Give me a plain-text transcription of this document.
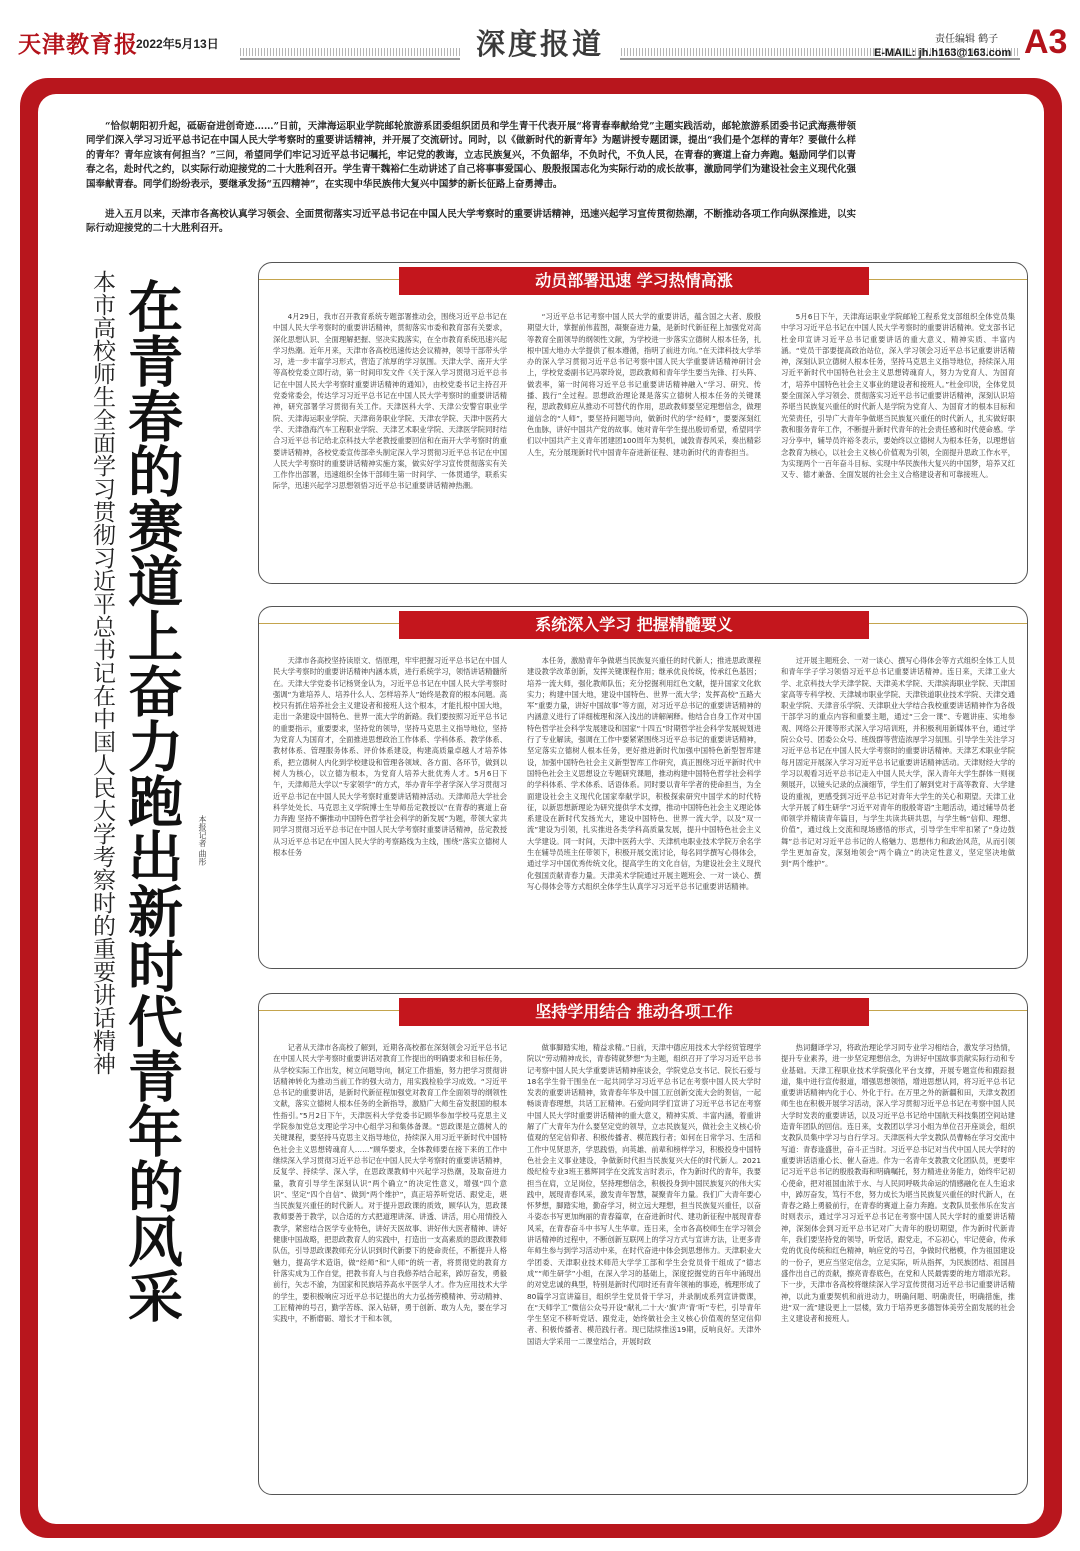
天津教育报
2022年5月13日	深度报道	责任编辑 鹤子
E-MAIL: jh.h163@163.com A3
“恰似朝阳初升起，砥砺奋进创奇迹……”日前，天津海运职业学院邮轮旅游系团委组织团员和学生青干代表开展“将青春奉献给党”主题实践活动，邮轮旅游系团委书记武海燕带领同学们深入学习习近平总书记在中国人民大学考察时的重要讲话精神，并开展了交流研讨。同时，以《做新时代的新青年》为题讲授专题团课，提出“我们是个怎样的青年？要做什么样的青年？青年应该有何担当？”三问，希望同学们牢记习近平总书记嘱托，牢记党的教诲，立志民族复兴，不负韶华，不负时代，不负人民，在青春的赛道上奋力奔跑。魁励同学们以青春之名，赴时代之约，以实际行动迎接党的二十大胜利召开。学生青干魏裕仁生动讲述了自己将事事爱国心、殷殷报国志化为实际行动的成长故事，激励同学们为建设社会主义现代化强国奉献青春。同学们纷纷表示，要继承发扬“五四精神”，在实现中华民族伟大复兴中国梦的新长征路上奋勇搏击。
进入五月以来，天津市各高校认真学习领会、全面贯彻落实习近平总书记在中国人民大学考察时的重要讲话精神，迅速兴起学习宣传贯彻热潮，不断推动各项工作向纵深推进，以实际行动迎接党的二十大胜利召开。
本市高校师生全面学习贯彻习近平总书记在中国人民大学考察时的重要讲话精神 在青春的赛道上奋力跑出新时代青年的风采	本报记者 曲彤
动员部署迅速 学习热情高涨
4月29日，我市召开教育系统专题部署推动会，围绕习近平总书记在中国人民大学考察时的重要讲话精神，贯彻落实市委和教育部有关要求，深化思想认识、全面理解把握、坚决实践落实，在全市教育系统迅速兴起学习热潮。近年月来，天津市各高校迅速传达会议精神，领导干部带头学习，进一步丰富学习形式，营造了浓厚的学习氛围。天津大学、南开大学等高校党委立即行动，第一时间印发文件《关于深入学习贯彻习近平总书记在中国人民大学考察时重要讲话精神的通知》，由校党委书记主持召开党委常委会，传达学习习近平总书记在中国人民大学考察时的重要讲话精神，研究部署学习贯彻有关工作。天津医科大学、天津公安警官职业学院、天津海运职业学院、天津商务职业学院、天津农学院、天津中医药大学、天津渤海汽车工程职业学院、天津艺术职业学院、天津医学院同时结合习近平总书记给北京科技大学老教授重要回信和在南开大学考察时的重要讲话精神，各校党委宣传部牵头制定深入学习贯彻习近平总书记在中国人民大学考察时的重要讲话精神实施方案，做实好学习宣传贯彻落实有关工作作出部署，迅速组织全体干部师生第一时间学、一体贯通学，联系实际学，迅速兴起学习思想领悟习近平总书记重要讲话精神热潮。
“习近平总书记考察中国人民大学的重要讲话，蕴含国之大者、殷殷期望大计，掌握前伟蓝图，凝聚奋进力量，是新时代新征程上加强党对高等教育全面领导的纲领性文献，为学校进一步落实立德树人根本任务，扎根中国大地办大学提供了根本遵循，指明了前进方向。”在天津科技大学举办的深入学习贯彻习近平总书记考察中国人民大学重要讲话精神研讨会上，学校党委副书记冯翠玲说，思政教师和青年学生要当先锋、打头阵、做表率，第一时间将习近平总书记重要讲话精神融入“学习、研究、传播、践行”全过程。思想政治理论课是落实立德树人根本任务的关键课程，思政教师应从推动不可替代的作用，思政教师要坚定理想信念，做理道信念的“人师”，要坚持问题导向，做新时代的学“经师”，要要深刻红色血脉，讲好中国共产党的故事。她对青年学生提出殷切希望，希望同学们以中国共产主义青年团建团100周年为契机，诚敦青春风采，奏出精彩人生，充分展现新时代中国青年奋进新征程、建功新时代的青春担当。
5月6日下午，天津海运职业学院邮轮工程系党支部组织全体党员集中学习习近平总书记在中国人民大学考察时的重要讲话精神。党支部书记杜金印宣讲习近平总书记重要讲话的重大意义、精神实质、丰富内涵。“党员干部要提高政治站位，深入学习领会习近平总书记重要讲话精神，深刻认识立德树人根本任务，坚持马克思主义指导地位，持续深入用习近平新时代中国特色社会主义思想铸魂育人，努力为党育人、为国育才，培养中国特色社会主义事业的建设者和接班人。”杜金印说，全体党员要全面深入学习领会、贯彻落实习近平总书记重要讲话精神，深刻认识培养堪当民族复兴重任的时代新人是学院为党育人、为国育才的根本目标和光荣责任，引导广大青年争做堪当民族复兴重任的时代新人，扎实做好职教和服务青年工作，不断提升新时代青年的社会责任感和时代使命感。学习分享中，辅导员许裕冬表示，要始终以立德树人为根本任务，以理想信念教育为核心，以社会主义核心价值观为引领，全面提升思政工作水平，为实现两个一百年奋斗目标、实现中华民族伟大复兴的中国梦，培养又红又专、德才兼备、全面发展的社会主义合格建设者和可靠接班人。
系统深入学习 把握精髓要义
天津市各高校坚持读原文、悟原理，牢牢把握习近平总书记在中国人民大学考察时的重要讲话精神内涵本质，进行系统学习，领悟讲话精髓所在。天津大学党委书记杨贤金认为，习近平总书记在中国人民大学考察时强调“为谁培养人、培养什么人、怎样培养人”始终是教育的根本问题。高校只有抓住培养社会主义建设者和接班人这个根本，才能扎根中国大地，走出一条建设中国特色、世界一流大学的新路。我们要按照习近平总书记的重要指示，重要要求，坚持党的领导，坚持马克思主义指导地位，坚持为党育人为国育才，全面推进思想政治工作体系、学科体系、教学体系、教材体系、管理服务体系、评价体系建设，构建高质量卓越人才培养体系，把立德树人内化到学校建设和管理各领域、各方面、各环节，做到以树人为核心，以立德为根本，为党育人培养大批优秀人才。5月6日下午，天津师范大学以“专家领学”的方式，举办青年学者学深入学习贯彻习近平总书记在中国人民大学考察时重要讲话精神活动。天津师范大学社会科学处处长、马克思主义学院博士生导师岳定教授以“在青春的赛道上奋力奔跑 坚持不懈推动中国特色哲学社会科学的新发展”为题，带领大家共同学习贯彻习近平总书记在中国人民大学考察时重要讲话精神，岳定教授从习近平总书记在中国人民大学的考察路线为主线，围绕“落实立德树人根本任务
本任务，激励青年争做堪当民族复兴重任的时代新人；推进思政课程建设教学改革创新，发挥关键课程作用；继承优良传统，传承红色基因；培养一流大师，强化教师队伍；充分挖掘利用红色文献，提升国家文化软实力；构建中国大地，建设中国特色、世界一流大学；发挥高校“五路大军”重要力量，讲好中国故事”等方面，对习近平总书记的重要讲话精神的内涵意义进行了详细梳理和深入浅出的讲解阐释。他结合自身工作对中国特色哲学社会科学发展建设和国家“十四五”时期哲学社会科学发展规划进行了专业解读，强调在工作中要紧紧围绕习近平总书记的重要讲话精神，坚定落实立德树人根本任务，更好推进新时代加强中国特色新型智库建设，加强中国特色社会主义新型智库工作研究，真正围绕习近平新时代中国特色社会主义思想设立专题研究课题，推动构建中国特色哲学社会科学的学科体系、学术体系、话语体系。同时要以青年学者的使命担当，为全面建设社会主义现代化国家奉献学识，积极探索研究中国学术的时代特征，以新思想新理论为研究提供学术支撑，推动中国特色社会主义理论体系建设在新时代发扬光大，建设中国特色、世界一流大学，以及“双一流”建设为引领，扎实推进各类学科高质量发展，提升中国特色社会主义大学建设。同一时间，天津中医药大学、天津机电职业技术学院万余名学生在辅导员班主任带领下，积极开展交流讨论，每名同学撰写心得体会，通过学习中国优秀传统文化，提高学生的文化自信，为建设社会主义现代化强国贡献青春力量。天津美术学院通过开展主题班会、一对一谈心、撰写心得体会等方式组织全体学生认真学习习近平总书记重要讲话精神。
过开展主题班会、一对一谈心、撰写心得体会等方式组织全体工人员和青年学子学习领悟习近平总书记重要讲话精神。连日来，天津工业大学、北京科技大学天津学院、天津美术学院、天津滨海职业学院、天津国家高等专科学校、天津城市职业学院、天津铁道职业技术学院、天津交通职业学院、天津音乐学院、天津职业大学结合我校重要讲话精神作为各级干部学习的重点内容和重要主题，通过“三会一课”、专题讲座、实地参观、网络公开课等形式深入学习培训班，并积极利用新媒体平台，通过学院公众号、团委公众号、班级群等营造浓厚学习氛围。引导学生关注学习习近平总书记在中国人民大学考察时的重要讲话精神。天津艺术职业学院每月固定开展深入学习习近平总书记重要讲话精神活动。天津财经大学的学习以观看习近平总书记走入中国人民大学，深入青年大学生群体一则视频展开，以镜头记录的点滴细节，学生们了解到党对于高等教育、大学建设的重视，更感受到习近平总书记对青年大学生的关心和期望。天津工业大学开展了师生研学“习近平对青年的殷殷寄语”主题活动，通过辅导员老师领学并精读青年篇目，与学生共读共研共思，与学生畅“信仰、理想、价值”，通过线上交流和现场感悟的形式，引导学生牢牢扣紧了“身边鼓舞”总书记对习近平总书记的人格魅力、思想伟力和政治风范，从而引领学生更加奋发，深刻地领会“两个确立”的决定性意义，坚定坚决地做到“两个维护”。
坚持学用结合 推动各项工作
记者从天津市各高校了解到，近期各高校都在深刻领会习近平总书记在中国人民大学考察时重要讲话对教育工作提出的明确要求和目标任务，从学校实际工作出发，树立问题导向，制定工作措施，努力把学习贯彻讲话精神转化为推动当前工作的强大动力，用实践检验学习成效。“习近平总书记的重要讲话，是新时代新征程加强党对教育工作全面领导的纲领性文献，落实立德树人根本任务的全新指导，激励广大师生奋发报国的根本性指引。”5月2日下午，天津医科大学党委书记顾华参加学校马克思主义学院参加党总支理论学习中心组学习和集体备课。“思政课是立德树人的关键课程，要坚持马克思主义指导地位，持续深入用习近平新时代中国特色社会主义思想铸魂育人……”顾华要求，全体教师要在接下来的工作中继续深入学习贯彻习近平总书记在中国人民大学考察时的重要讲话精神，反复学、持续学、深入学，在思政课教师中兴起学习热潮，及取奋进力量，教育引导学生深刻认识“两个确立”的决定性意义，增强“四个意识”、坚定“四个自信”、做到“两个维护”，真正培养听党话、跟党走，堪当民族复兴重任的时代新人。对于提升思政课的质效，顾华认为，思政课教师要善于教学，以合适的方式把道理讲深、讲透、讲活，用心用情投入教学，紧密结合医学专业特色，讲好天医故事、讲好伟大医者精神、讲好健康中国战略，把思政教育人的实践中，打造出一支高素质的思政课教师队伍，引导思政课教师充分认识到时代新要下的使命责任，不断提升人格魅力，提高学术造诣，做“经师”和“人师”的统一者，将贯彻党的教育方针落实成为工作自觉，把教书育人与自我修养结合起来，踔厉奋发，勇毅前行，矢志不渝，为国家和民族培养高水平医学人才。作为应用技术大学的学生，要积极响应习近平总书记提出的大力弘扬劳模精神、劳动精神、工匠精神的号召，勤学苦练、深入钻研，勇于创新、敢为人先，要在学习实践中，不断磨砺、增长才干和本领，
做事脚踏实地，精益求精。”日前，天津中德应用技术大学经贸管理学院以“劳动精神成长，青春铸就梦想”为主题，组织召开了学习习近平总书记考察中国人民大学重要讲话精神座谈会，学院党总支书记、院长石爱与18名学生骨干围坐在一起共同学习习近平总书记在考察中国人民大学时发表的重要讲话精神，致青春年华及中国工匠创新交流大会的贺信，一起畅谈青春理想，共话工匠精神。石爱向同学们宣讲了习近平总书记在考察中国人民大学时重要讲话精神的重大意义，精神实质、丰富内涵，着重讲解了广大青年为什么要坚定党的领导，立志民族复兴，做社会主义核心价值观的坚定信仰者、积极传播者、模范践行者；如何在日常学习、生活和工作中见贤思齐，学思践悟，向英雄、前辈和榜样学习，积极投身中国特色社会主义事业建设，争做新时代担当民族复兴大任的时代新人。2021级纪检专业3班王慕辉同学在交流发言时表示，作为新时代的青年，我要担当在肩，立足岗位，坚持理想信念，积极投身到中国民族复兴的伟大实践中，展现青春风采，激发青年智慧，凝聚青年力量。我们广大青年要心怀梦想，脚踏实地，勤奋学习，树立远大理想，担当民族复兴重任，以奋斗姿态书写更加绚丽的青春篇章，在奋进新时代、建功新征程中展现青春风采，在青春奋斗中书写人生华章。连日来，全市各高校师生在学习领会讲话精神的过程中，不断创新互联网上的学习方式与宣讲方法，让更多青年师生参与到学习活动中来，在时代奋进中体会到思想伟力。天津职业大学团委、天津职业技术师范大学学工部和学生会党员骨干组成了“德志成”“师生研学”小组，在深入学习的基础上，深度挖掘党的百年中涌现出的对党忠诚的典型，特别是新时代同时还有青年领袖的事迹，梳理形成了80篇学习宣讲篇目，组织学生党员骨干学习，并录制成系列宣讲微课，在“天师学工”微信公众号开设“献礼二十大·‘旗’声‘青’听”专栏，引导青年学生坚定不移听党话、跟党走，始终做社会主义核心价值观的坚定信仰者、积极传播者、模范践行者。现已陆续推送19期，反响良好。天津外国语大学采用一二课堂结合，开展时政
热词翻译学习，将政治理论学习同专业学习相结合，激发学习热情，提升专业素养，进一步坚定理想信念，为讲好中国故事贡献实际行动和专业基础。天津工程职业技术学院强化平台支撑，开展专题宣传和跟踪报道，集中进行宣传报道，增强思想领悟，增进思想认同，将习近平总书记重要讲话精神内化于心、外化于行。在万里之外的新疆和田，天津支教团师生也在积极开展学习活动，深入学习贯彻习近平总书记在考察中国人民大学时发表的重要讲话，以及习近平总书记给中国航天科技集团空间站建造青年团队的回信。连日来，支教团以学习小组为单位召开座谈会，组织支教队员集中学习与自行学习。天津医科大学支教队员曹畅在学习交流中写道：青春逢盛世，奋斗正当时。习近平总书记对当代中国人民大学时的重要讲话语重心长、催人奋进。作为一名青年支教教文化团队员，更要牢记习近平总书记的殷殷教诲和明确嘱托，努力精进业务能力，始终牢记初心使命，把对祖国血浓于水、与人民同呼吸共命运的情感融化在人生追求中，踔厉奋发，笃行不怠，努力成长为堪当民族复兴重任的时代新人，在青春之路上勇毅前行，在青春的赛道上奋力奔跑。支教队员张伟乐在发言时则表示，通过学习习近平总书记在考察中国人民大学时的重要讲话精神，深刻体会到习近平总书记对广大青年的殷切期望，作为新时代新青年，我们要坚持党的领导，听党话，跟党走，不忘初心，牢记使命，传承党的优良传统和红色精神，响应党的号召，争做时代楷模，作为祖国建设的一份子，更应当坚定信念，立足实际，听从指挥，为民族团结、祖国昌盛作出自己的贡献，擦亮青春底色，在党和人民最需要的地方增添光彩。下一步，天津市各高校将继续深入学习宣传贯彻习近平总书记重要讲话精神，以此为重要契机和前进动力，明确问题、明确责任，明确措施，推进“双一流”建设更上一层楼，致力于培养更多德智体美劳全面发展的社会主义建设者和接班人。
